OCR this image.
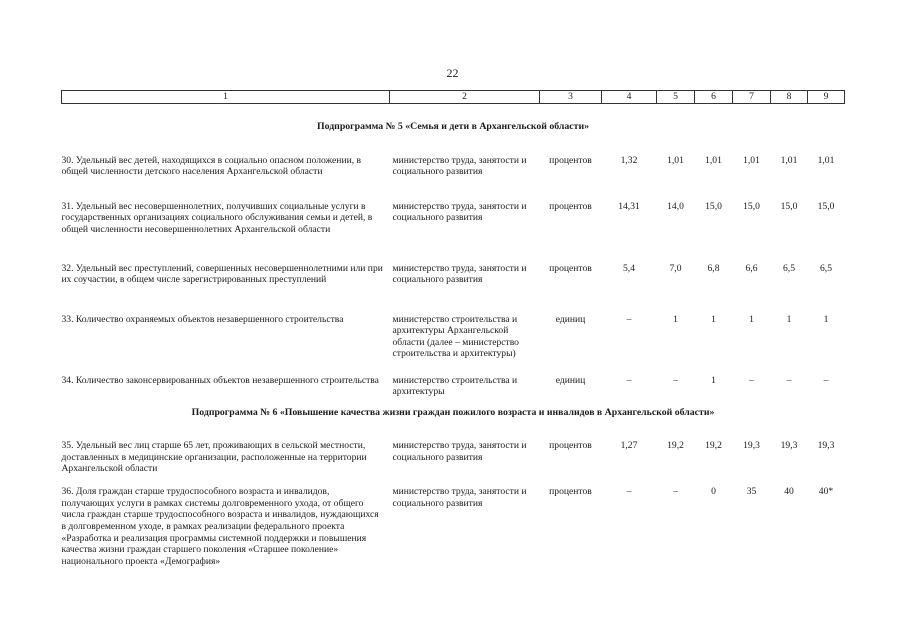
22
1	2	3	4	5	6	7	8	9
Подпрограмма № 5 «Семья и дети в Архангельской области»								
30. Удельный вес детей, находящихся в социально опасном положении, в общей численности детского населения Архангельской области	министерство труда, занятости и социального развития	процентов	1,32	1,01	1,01	1,01	1,01	1,01
31. Удельный вес несовершеннолетних, получивших социальные услуги в государственных организациях социального обслуживания семьи и детей, в общей численности несовершеннолетних Архангельской области	министерство труда, занятости и социального развития	процентов	14,31	14,0	15,0	15,0	15,0	15,0
32. Удельный вес преступлений, совершенных несовершеннолетними или при их соучастии, в общем числе зарегистрированных преступлений	министерство труда, занятости и социального развития	процентов	5,4	7,0	6,8	6,6	6,5	6,5
33. Количество охраняемых объектов незавершенного строительства	министерство строительства и архитектуры Архангельской области (далее – министерство строительства и архитектуры)	единиц	–	1	1	1	1	1
34. Количество законсервированных объектов незавершенного строительства	министерство строительства и архитектуры	единиц	–	–	1	–	–	–
Подпрограмма № 6 «Повышение качества жизни граждан пожилого возраста и инвалидов в Архангельской области»								
35. Удельный вес лиц старше 65 лет, проживающих в сельской местности, доставленных в медицинские организации, расположенные на территории Архангельской области	министерство труда, занятости и социального развития	процентов	1,27	19,2	19,2	19,3	19,3	19,3
36. Доля граждан старше трудоспособного возраста и инвалидов, получающих услуги в рамках системы долговременного ухода, от общего числа граждан старше трудоспособного возраста и инвалидов, нуждающихся в долговременном уходе, в рамках реализации федерального проекта «Разработка и реализация программы системной поддержки и повышения качества жизни граждан старшего поколения «Старшее поколение» национального проекта «Демография»	министерство труда, занятости и социального развития	процентов	–	–	0	35	40	40*
